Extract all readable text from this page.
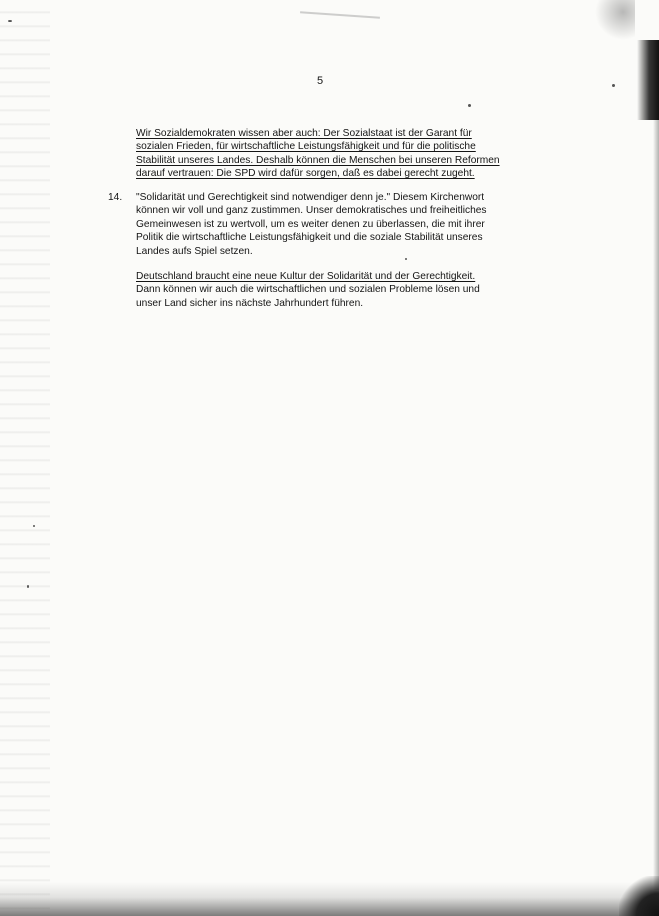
5
Wir Sozialdemokraten wissen aber auch: Der Sozialstaat ist der Garant für
sozialen Frieden, für wirtschaftliche Leistungsfähigkeit und für die politische
Stabilität unseres Landes. Deshalb können die Menschen bei unseren Reformen
darauf vertrauen: Die SPD wird dafür sorgen, daß es dabei gerecht zugeht.
14. "Solidarität und Gerechtigkeit sind notwendiger denn je." Diesem Kirchenwort
können wir voll und ganz zustimmen. Unser demokratisches und freiheitliches
Gemeinwesen ist zu wertvoll, um es weiter denen zu überlassen, die mit ihrer
Politik die wirtschaftliche Leistungsfähigkeit und die soziale Stabilität unseres
Landes aufs Spiel setzen.
Deutschland braucht eine neue Kultur der Solidarität und der Gerechtigkeit.
Dann können wir auch die wirtschaftlichen und sozialen Probleme lösen und
unser Land sicher ins nächste Jahrhundert führen.
